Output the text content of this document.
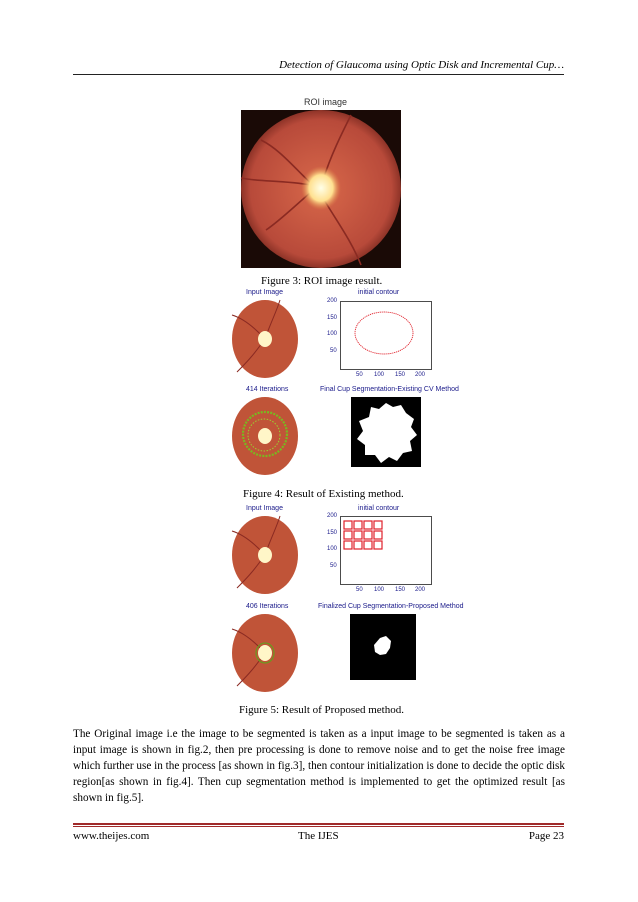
Detection of Glaucoma using Optic Disk and Incremental Cup…
ROI image
Figure 3: ROI image result.
Input Image	initial contour
200
150
100
50
50 100 150 200
414 Iterations	Final Cup Segmentation-Existing CV Method
Figure 4: Result of Existing method.
Input Image	initial contour
200
150
100
50
50 100 150 200
406 Iterations	Finalized Cup Segmentation-Proposed Method
Figure 5: Result of Proposed method.
The Original image i.e the image to be segmented is taken as a input image to be segmented is taken as a input image is shown in fig.2, then pre processing is done to remove noise and to get the noise free image which further use in the process [as shown in fig.3], then contour initialization is done to decide the optic disk region[as shown in fig.4]. Then cup segmentation method is implemented to get the optimized result [as shown in fig.5].
www.theijes.com	The IJES	Page 23
